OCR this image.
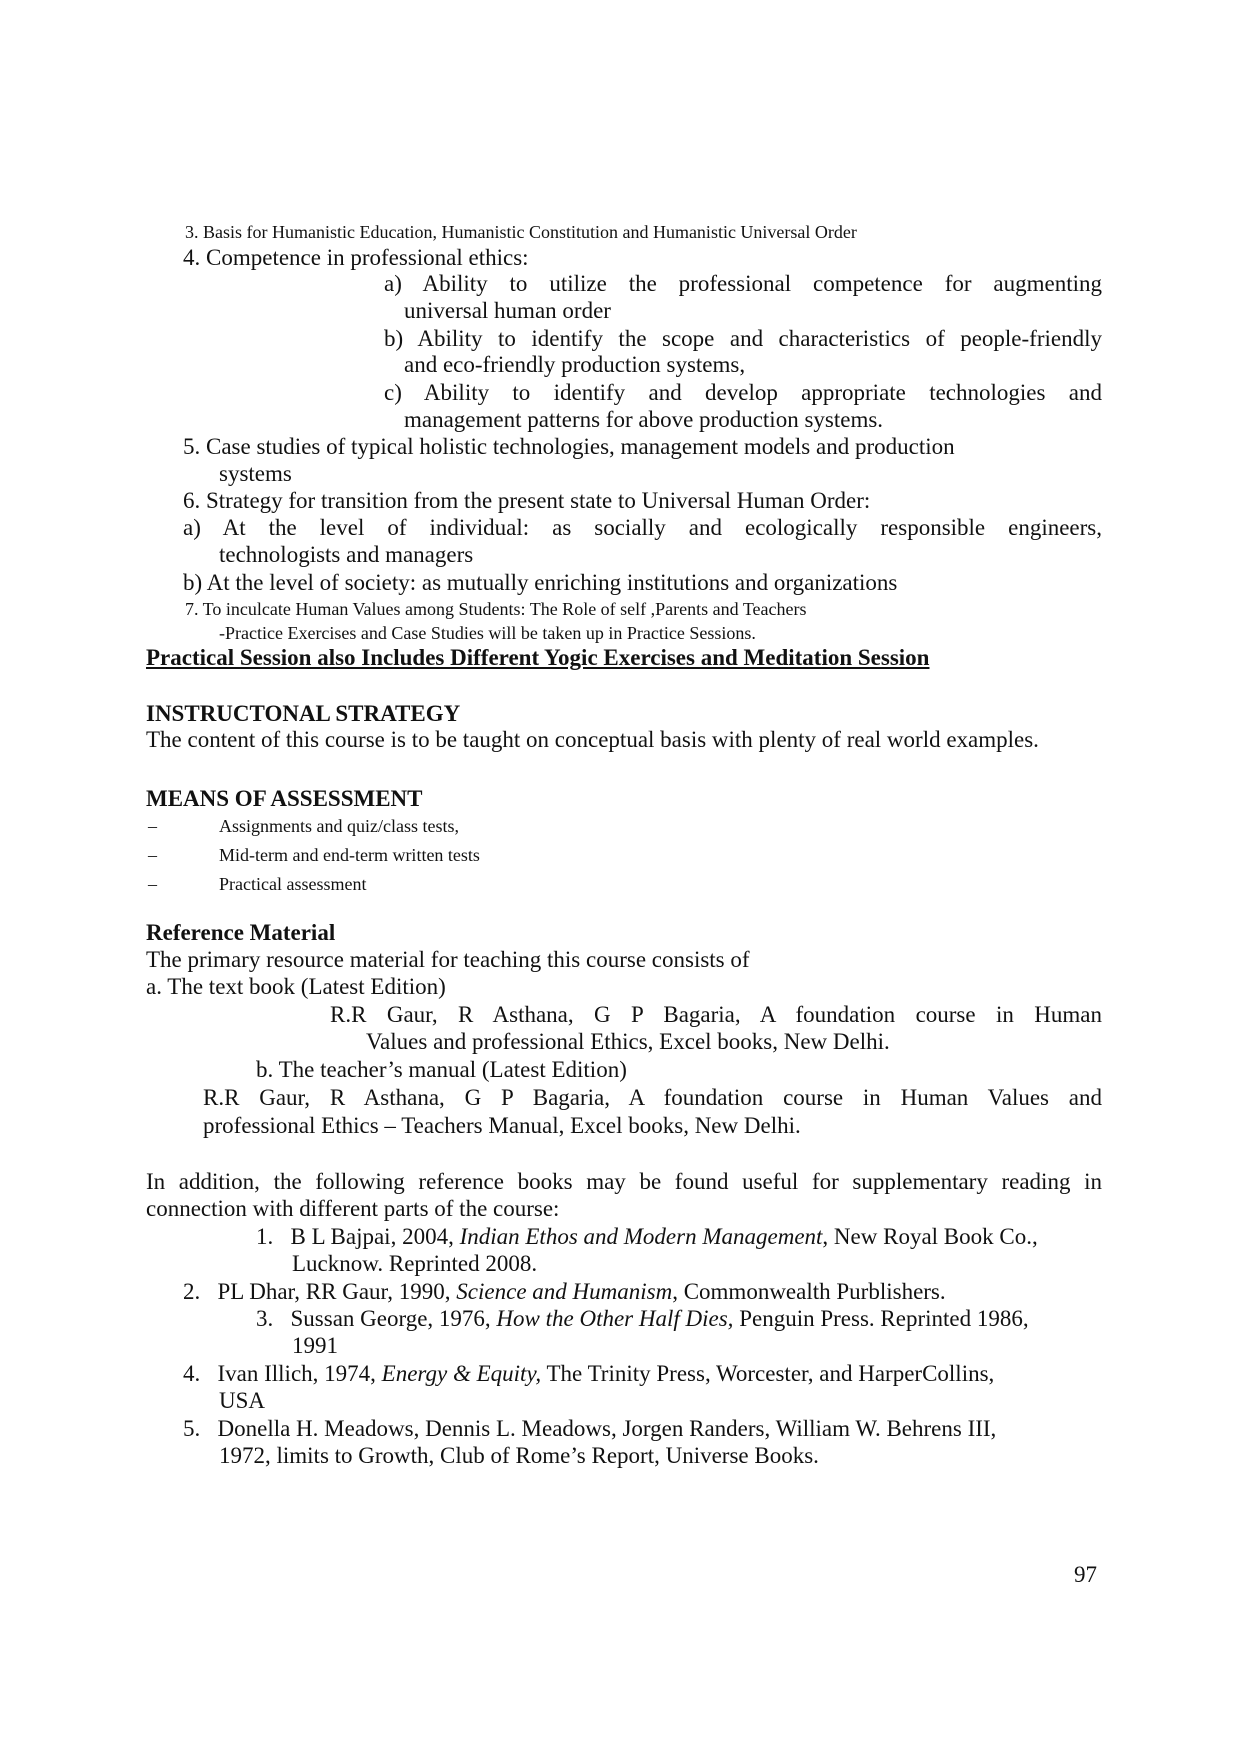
3. Basis for Humanistic Education, Humanistic Constitution and Humanistic Universal Order
4. Competence in professional ethics:
a) Ability to utilize the professional competence for augmenting
universal human order
b) Ability to identify the scope and characteristics of people-friendly
and eco-friendly production systems,
c) Ability to identify and develop appropriate technologies and
management patterns for above production systems.
5. Case studies of typical holistic technologies, management models and production
systems
6. Strategy for transition from the present state to Universal Human Order:
a) At the level of individual: as socially and ecologically responsible engineers,
technologists and managers
b) At the level of society: as mutually enriching institutions and organizations
7. To inculcate Human Values among Students: The Role of self ,Parents and Teachers
-Practice Exercises and Case Studies will be taken up in Practice Sessions.
Practical Session also Includes Different Yogic Exercises and Meditation Session
INSTRUCTONAL STRATEGY
The content of this course is to be taught on conceptual basis with plenty of real world examples.
MEANS OF ASSESSMENT
–	Assignments and quiz/class tests,
–	Mid-term and end-term written tests
–	Practical assessment
Reference Material
The primary resource material for teaching this course consists of
a. The text book (Latest Edition)
R.R Gaur, R Asthana, G P Bagaria, A foundation course in Human
Values and professional Ethics, Excel books, New Delhi.
b. The teacher’s manual (Latest Edition)
R.R Gaur, R Asthana, G P Bagaria, A foundation course in Human Values and
professional Ethics – Teachers Manual, Excel books, New Delhi.
In addition, the following reference books may be found useful for supplementary reading in
connection with different parts of the course:
1. B L Bajpai, 2004, Indian Ethos and Modern Management, New Royal Book Co.,
Lucknow. Reprinted 2008.
2. PL Dhar, RR Gaur, 1990, Science and Humanism, Commonwealth Purblishers.
3. Sussan George, 1976, How the Other Half Dies, Penguin Press. Reprinted 1986,
1991
4. Ivan Illich, 1974, Energy & Equity, The Trinity Press, Worcester, and HarperCollins,
USA
5. Donella H. Meadows, Dennis L. Meadows, Jorgen Randers, William W. Behrens III,
1972, limits to Growth, Club of Rome’s Report, Universe Books.
97
